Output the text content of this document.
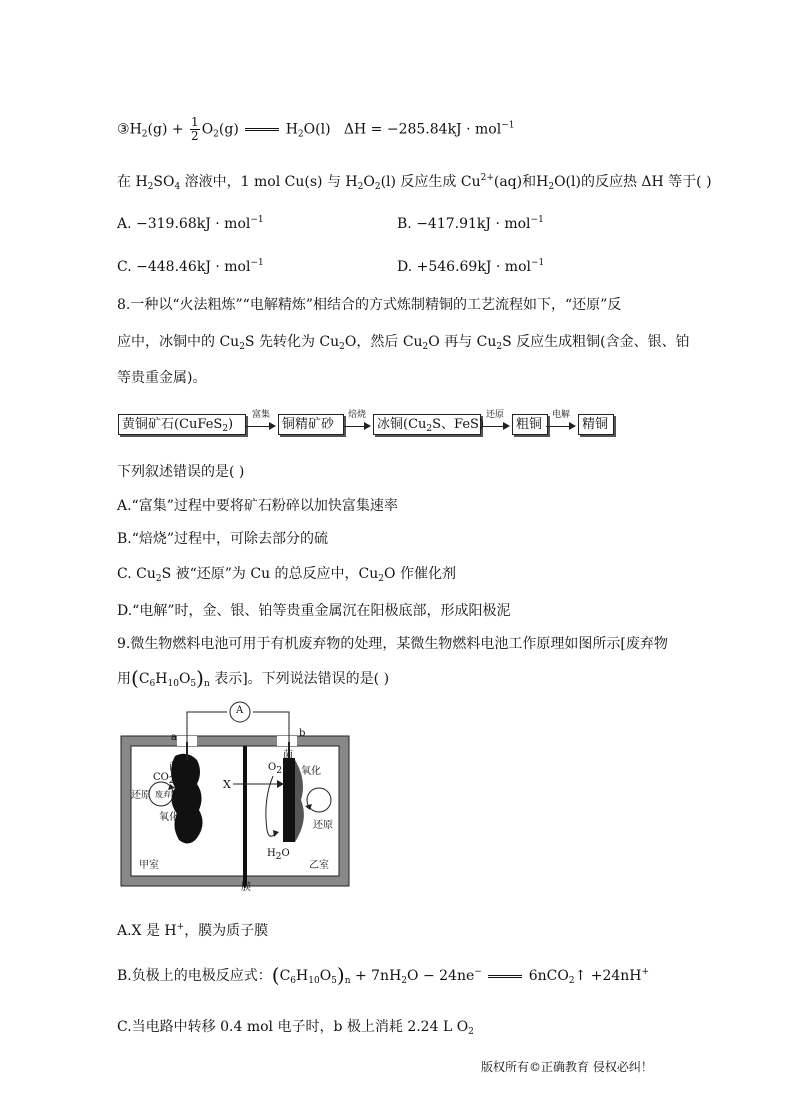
$③H_2(g) + \frac{1}{2} O_2(g)$	$H_2O(l) \Delta H = -285.84kJ \cdot mol^{-1}$
在 $H_2SO_4$ 溶液中，1 mol Cu(s) 与 $H_2O_2(l)$ 反应生成 $Cu^{2+}(aq)$和$H_2O(l)$的反应热 ΔH 等于( )
A. −319.68kJ · mol$^{-1}$	B. −417.91kJ · mol$^{-1}$
C. −448.46kJ · mol$^{-1}$	D. +546.69kJ · mol$^{-1}$
8.一种以“火法粗炼”“电解精炼”相结合的方式炼制精铜的工艺流程如下，“还原”反
应中，冰铜中的 $Cu_2S$ 先转化为 $Cu_2O$，然后 $Cu_2O$ 再与 $Cu_2S$ 反应生成粗铜(含金、银、铂
等贵重金属)。
黄铜矿石(CuFeS$_2$)
富集
铜精矿砂
焙烧
冰铜($Cu_2S$、FeS)
还原
粗铜
电解
精铜
下列叙述错误的是( )
A.“富集”过程中要将矿石粉碎以加快富集速率
B.“焙烧”过程中，可除去部分的硫
C. $Cu_2S$ 被“还原”为 Cu 的总反应中，$Cu_2O$ 作催化剂
D.“电解”时，金、银、铂等贵重金属沉在阳极底部，形成阳极泥
9.微生物燃料电池可用于有机废弃物的处理，某微生物燃料电池工作原理如图所示[废弃物
用$(C_6H_{10}O_5)_n$ 表示]。下列说法错误的是( )
A
a	b
菌
$CO_2$
还原 废弃物
氧化
X
$O_2$
菌
氧化
还原
$H_2O$
甲室	乙室
膜
A.X 是 H+，膜为质子膜
B.负极上的电极反应式：$(C_6H_{10}O_5)_n + 7nH_2O - 24ne^-$	6nCO$_2$↑ +24nH+
C.当电路中转移 0.4 mol 电子时，b 极上消耗 2.24 L $O_2$
版权所有©正确教育 侵权必纠！
